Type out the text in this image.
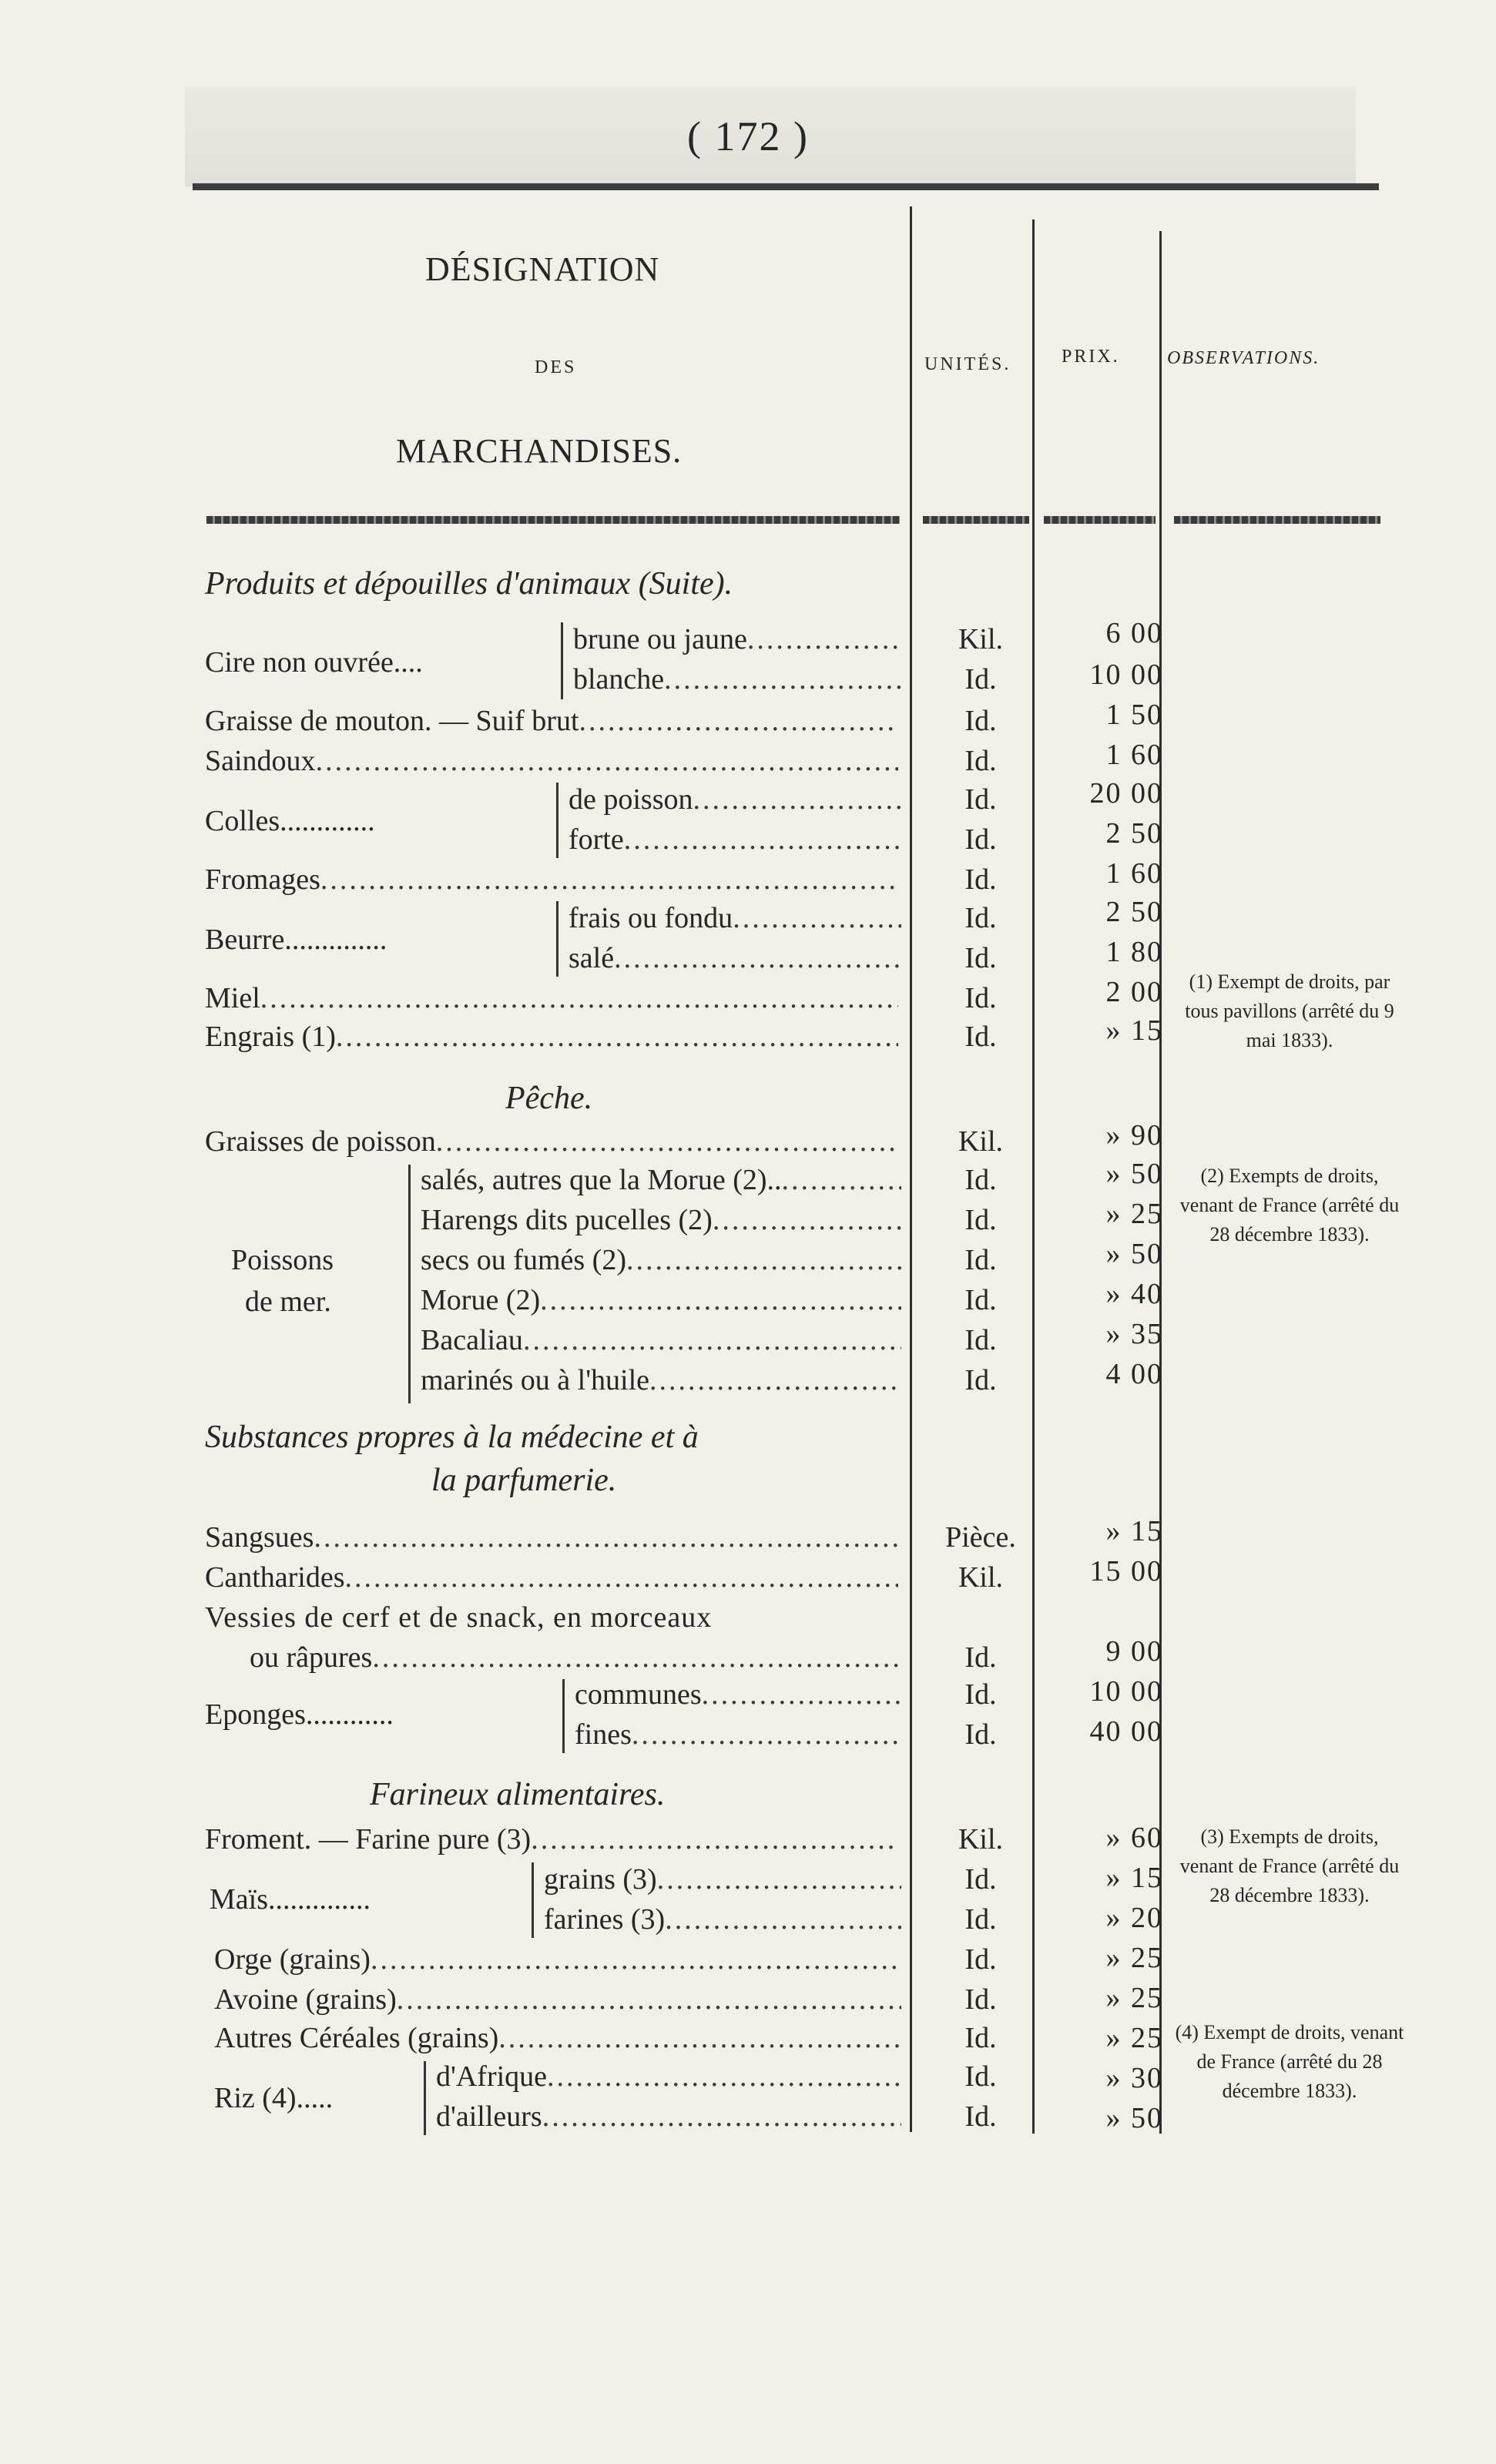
( 172 )
DÉSIGNATION
DES
MARCHANDISES.
UNITÉS.	PRIX.	OBSERVATIONS.
Produits et dépouilles d'animaux (Suite).
Cire non ouvrée....
brune ou jaune .....	Kil.	6 00
blanche .....	Id.	10 00
Graisse de mouton. — Suif brut .....	Id.	1 50
Saindoux .....	Id.	1 60
Colles.............
de poisson .....	Id.	20 00
forte .....	Id.	2 50
Fromages .....	Id.	1 60
Beurre..............
frais ou fondu .....	Id.	2 50
salé .....	Id.	1 80
Miel .....	Id.	2 00
Engrais (1) .....	Id.	» 15
Pêche.
Graisses de poisson .....	Kil.	» 90
Poissons
de mer.
salés, autres que la Morue (2).. .....	Id.	» 50
Harengs dits pucelles (2) .....	Id.	» 25
secs ou fumés (2) .....	Id.	» 50
Morue (2) .....	Id.	» 40
Bacaliau .....	Id.	» 35
marinés ou à l'huile .....	Id.	4 00
Substances propres à la médecine et à
la parfumerie.
Sangsues .....	Pièce.	» 15
Cantharides .....	Kil.	15 00
Vessies de cerf et de snack, en morceaux
ou râpures .....	Id.	9 00
Eponges............
communes .....	Id.	10 00
fines .....	Id.	40 00
Farineux alimentaires.
Froment. — Farine pure (3) .....	Kil.	» 60
Maïs..............
grains (3) .....	Id.	» 15
farines (3) .....	Id.	» 20
Orge (grains) .....	Id.	» 25
Avoine (grains) .....	Id.	» 25
Autres Céréales (grains) .....	Id.	» 25
Riz (4).....
d'Afrique .....	Id.	» 30
d'ailleurs .....	Id.	» 50
(1) Exempt de droits, par tous pavillons (arrêté du 9 mai 1833).
(2) Exempts de droits, venant de France (arrêté du 28 décembre 1833).
(3) Exempts de droits, venant de France (arrêté du 28 décembre 1833).
(4) Exempt de droits, venant de France (arrêté du 28 décembre 1833).
